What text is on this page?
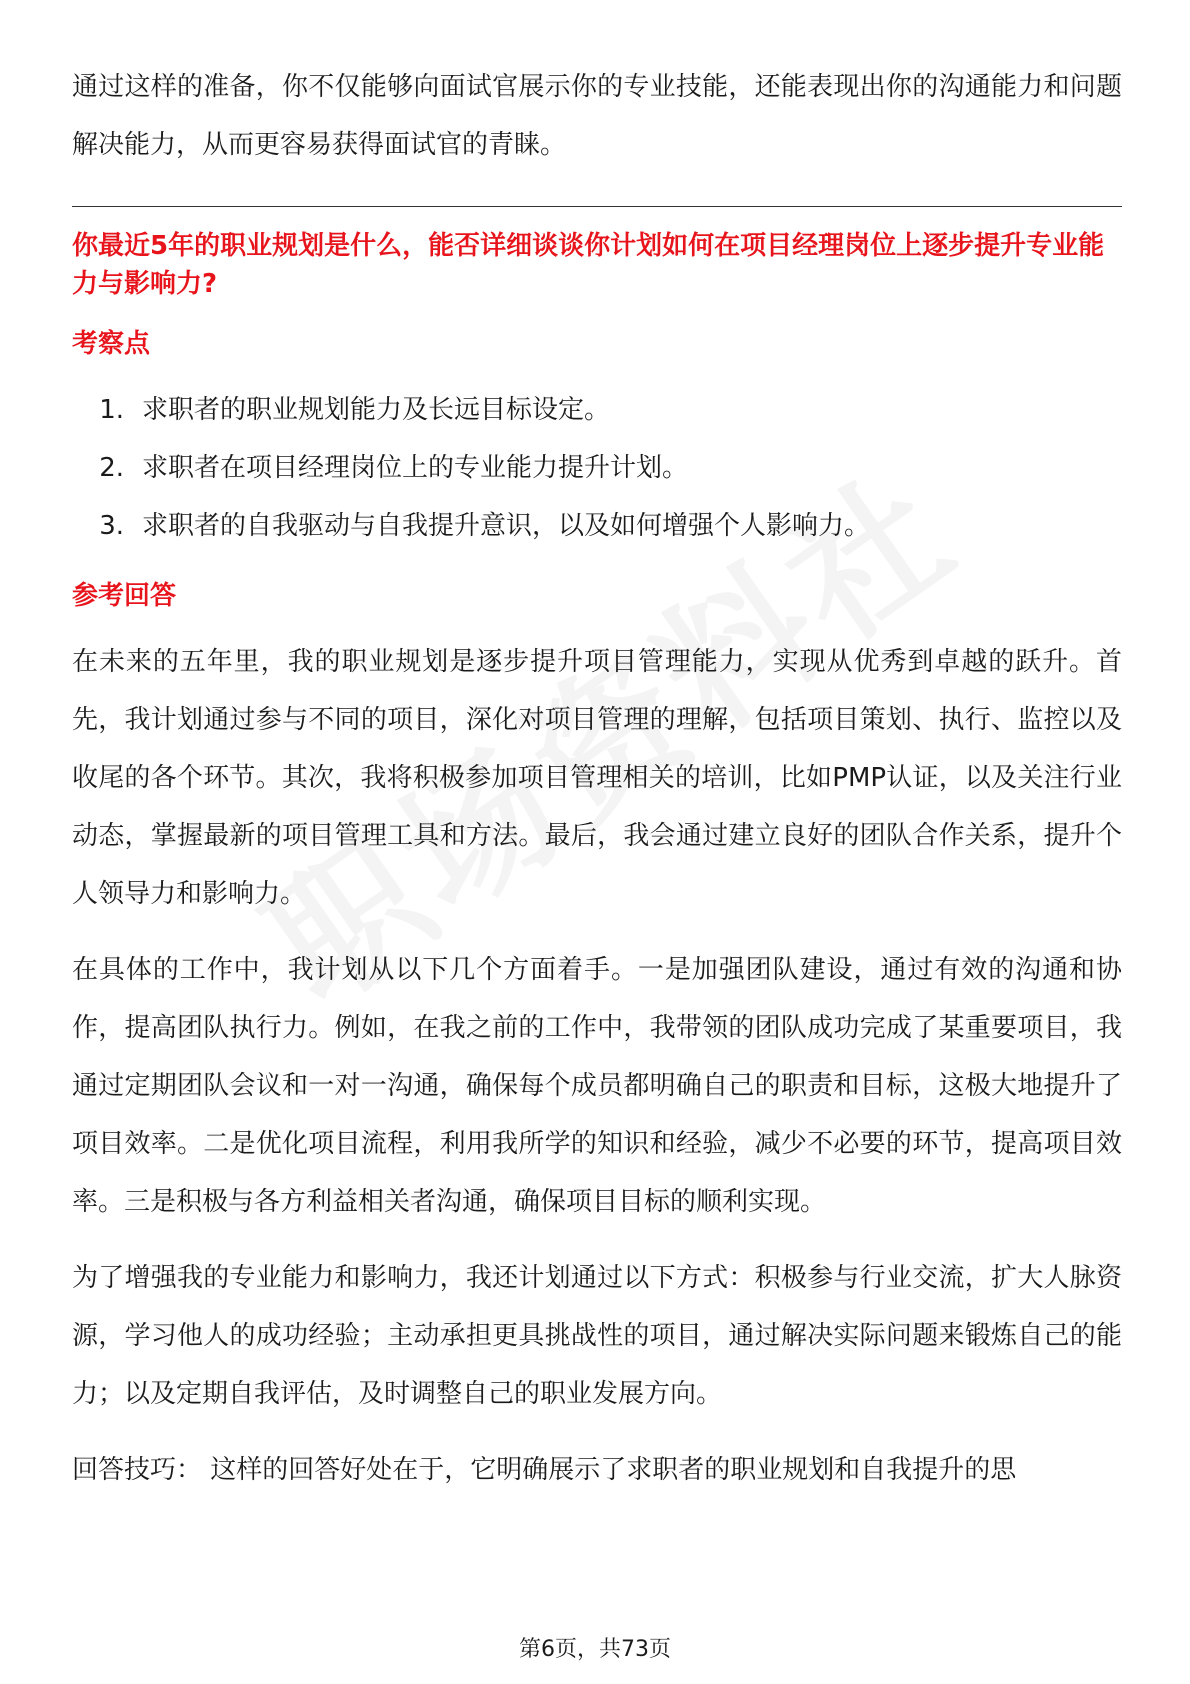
通过这样的准备，你不仅能够向面试官展示你的专业技能，还能表现出你的沟通能力和问题解决能力，从而更容易获得面试官的青睐。

你最近5年的职业规划是什么，能否详细谈谈你计划如何在项目经理岗位上逐步提升专业能力与影响力?

考察点
1. 求职者的职业规划能力及长远目标设定。
2. 求职者在项目经理岗位上的专业能力提升计划。
3. 求职者的自我驱动与自我提升意识，以及如何增强个人影响力。
参考回答

在未来的五年里，我的职业规划是逐步提升项目管理能力，实现从优秀到卓越的跃升。首先，我计划通过参与不同的项目，深化对项目管理的理解，包括项目策划、执行、监控以及收尾的各个环节。其次，我将积极参加项目管理相关的培训，比如PMP认证，以及关注行业动态，掌握最新的项目管理工具和方法。最后，我会通过建立良好的团队合作关系，提升个人领导力和影响力。

在具体的工作中，我计划从以下几个方面着手。一是加强团队建设，通过有效的沟通和协作，提高团队执行力。例如，在我之前的工作中，我带领的团队成功完成了某重要项目，我通过定期团队会议和一对一沟通，确保每个成员都明确自己的职责和目标，这极大地提升了项目效率。二是优化项目流程，利用我所学的知识和经验，减少不必要的环节，提高项目效率。三是积极与各方利益相关者沟通，确保项目目标的顺利实现。

为了增强我的专业能力和影响力，我还计划通过以下方式：积极参与行业交流，扩大人脉资源，学习他人的成功经验；主动承担更具挑战性的项目，通过解决实际问题来锻炼自己的能力；以及定期自我评估，及时调整自己的职业发展方向。

回答技巧： 这样的回答好处在于，它明确展示了求职者的职业规划和自我提升的思

第6页，共73页
